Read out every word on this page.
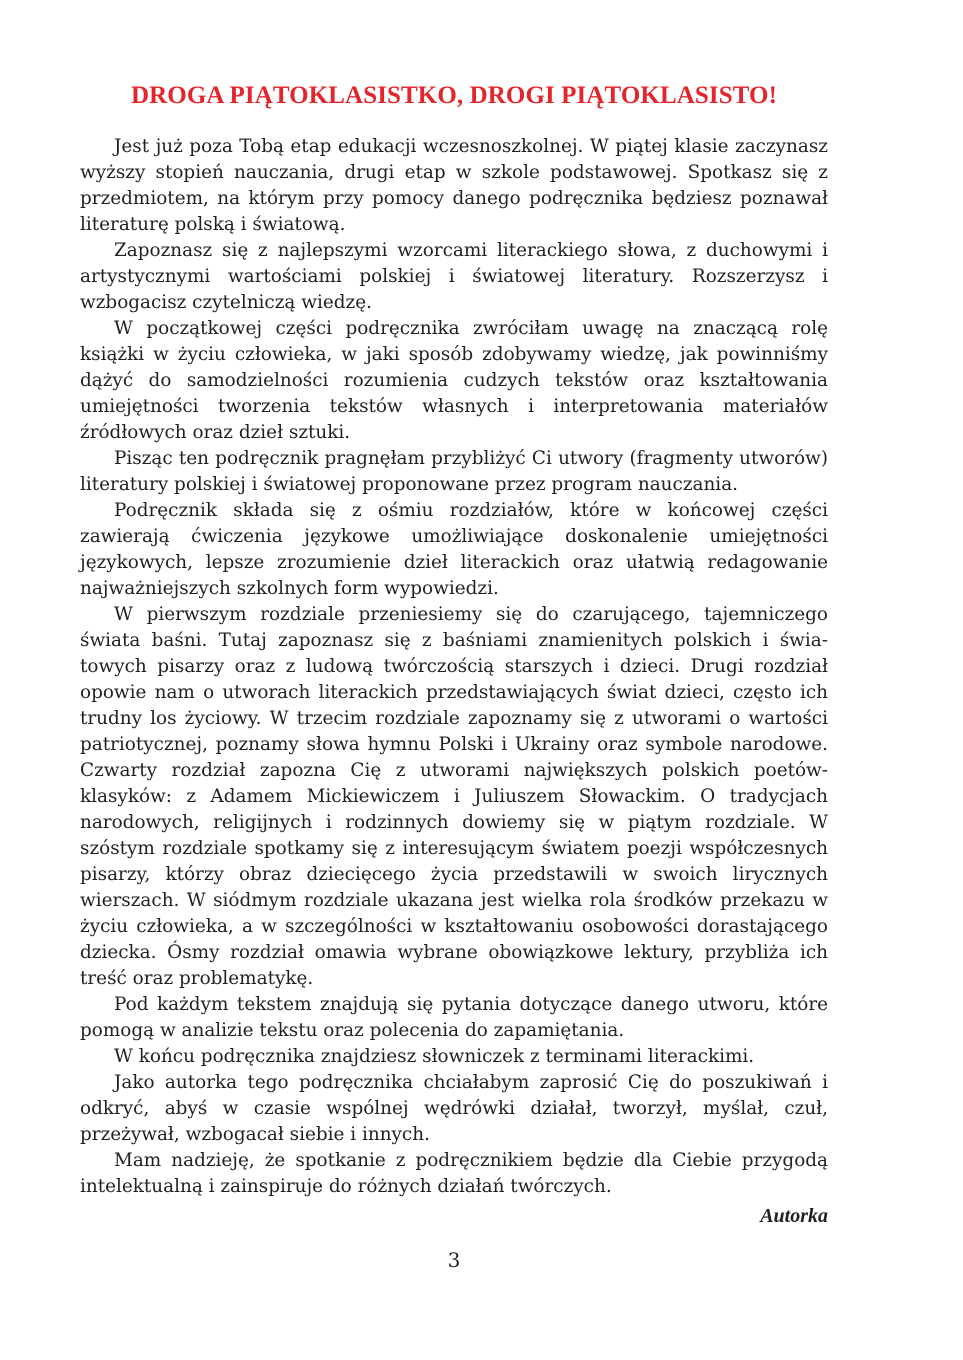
DROGA PIĄTOKLASISTKO, DROGI PIĄTOKLASISTO!

Jest już poza Tobą etap edukacji wczesnoszkolnej. W piątej klasie zaczynasz wyższy stopień nauczania, drugi etap w szkole podstawowej. Spotkasz się z przedmiotem, na którym przy pomocy danego podręcznika będziesz poznawał literaturę polską i światową.

Zapoznasz się z najlepszymi wzorcami literackiego słowa, z duchowymi i artystycznymi wartościami polskiej i światowej literatury. Rozszerzysz i wzbogacisz czytelniczą wiedzę.

W początkowej części podręcznika zwróciłam uwagę na znaczącą rolę książki w życiu człowieka, w jaki sposób zdobywamy wiedzę, jak powinniśmy dążyć do samodzielności rozumienia cudzych tekstów oraz kształtowania umiejętności tworzenia tekstów własnych i interpretowania materiałów źródłowych oraz dzieł sztuki.

Pisząc ten podręcznik pragnęłam przybliżyć Ci utwory (fragmenty utworów) literatury polskiej i światowej proponowane przez program nauczania.

Podręcznik składa się z ośmiu rozdziałów, które w końcowej części zawierają ćwiczenia językowe umożliwiające doskonalenie umiejętności językowych, lepsze zrozumienie dzieł literackich oraz ułatwią redagowanie najważniejszych szkolnych form wypowiedzi.

W pierwszym rozdziale przeniesiemy się do czarującego, tajemniczego świata baśni. Tutaj zapoznasz się z baśniami znamienitych polskich i światowych pisarzy oraz z ludową twórczością starszych i dzieci. Drugi rozdział opowie nam o utworach literackich przedstawiających świat dzieci, często ich trudny los życiowy. W trzecim rozdziale zapoznamy się z utworami o wartości patriotycznej, poznamy słowa hymnu Polski i Ukrainy oraz symbole narodowe. Czwarty rozdział zapozna Cię z utworami największych polskich poetów-klasyków: z Adamem Mickiewiczem i Juliuszem Słowackim. O tradycjach narodowych, religijnych i rodzinnych dowiemy się w piątym rozdziale. W szóstym rozdziale spotkamy się z interesującym światem poezji współczesnych pisarzy, którzy obraz dziecięcego życia przedstawili w swoich lirycznych wierszach. W siódmym rozdziale ukazana jest wielka rola środków przekazu w życiu człowieka, a w szczególności w kształtowaniu osobowości dorastającego dziecka. Ósmy rozdział omawia wybrane obowiązkowe lektury, przybliża ich treść oraz problematykę.

Pod każdym tekstem znajdują się pytania dotyczące danego utworu, które pomogą w analizie tekstu oraz polecenia do zapamiętania.

W końcu podręcznika znajdziesz słowniczek z terminami literackimi.

Jako autorka tego podręcznika chciałabym zaprosić Cię do poszukiwań i odkryć, abyś w czasie wspólnej wędrówki działał, tworzył, myślał, czuł, przeżywał, wzbogacał siebie i innych.

Mam nadzieję, że spotkanie z podręcznikiem będzie dla Ciebie przygodą intelektualną i zainspiruje do różnych działań twórczych.

Autorka

3
